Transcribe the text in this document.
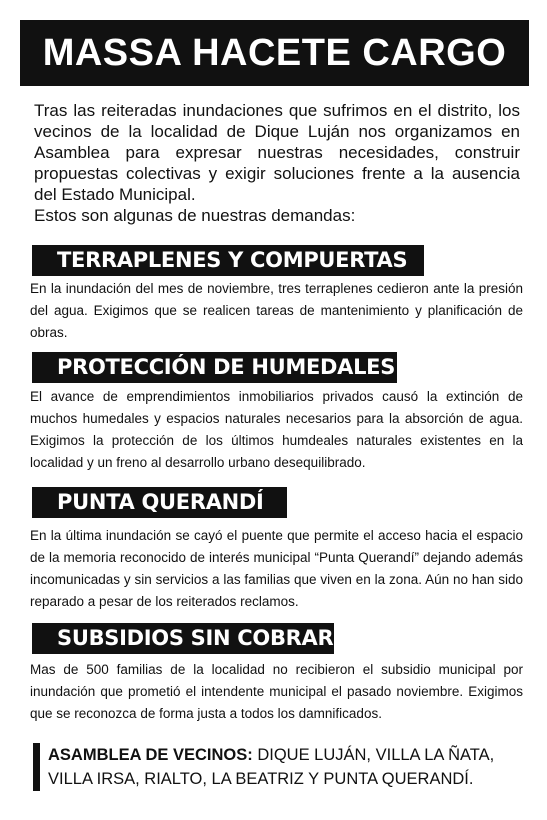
MASSA HACETE CARGO

Tras las reiteradas inundaciones que sufrimos en el distrito, los vecinos de la localidad de Dique Luján nos organizamos en Asamblea para expresar nuestras necesidades, construir propuestas colectivas y exigir soluciones frente a la ausencia del Estado Municipal.

Estos son algunas de nuestras demandas:

TERRAPLENES Y COMPUERTAS
En la inundación del mes de noviembre, tres terraplenes cedieron ante la presión del agua. Exigimos que se realicen tareas de mantenimiento y planificación de obras.
PROTECCIÓN DE HUMEDALES
El avance de emprendimientos inmobiliarios privados causó la extinción de muchos humedales y espacios naturales necesarios para la absorción de agua. Exigimos la protección de los últimos humdeales naturales existentes en la localidad y un freno al desarrollo urbano desequilibrado.
PUNTA QUERANDÍ
En la última inundación se cayó el puente que permite el acceso hacia el espacio de la memoria reconocido de interés municipal “Punta Querandí” dejando además incomunicadas y sin servicios a las familias que viven en la zona. Aún no han sido reparado a pesar de los reiterados reclamos.
SUBSIDIOS SIN COBRAR
Mas de 500 familias de la localidad no recibieron el subsidio municipal por inundación que prometió el intendente municipal el pasado noviembre. Exigimos que se reconozca de forma justa a todos los damnificados.
ASAMBLEA DE VECINOS: DIQUE LUJÁN, VILLA LA ÑATA, VILLA IRSA, RIALTO, LA BEATRIZ Y PUNTA QUERANDÍ.
